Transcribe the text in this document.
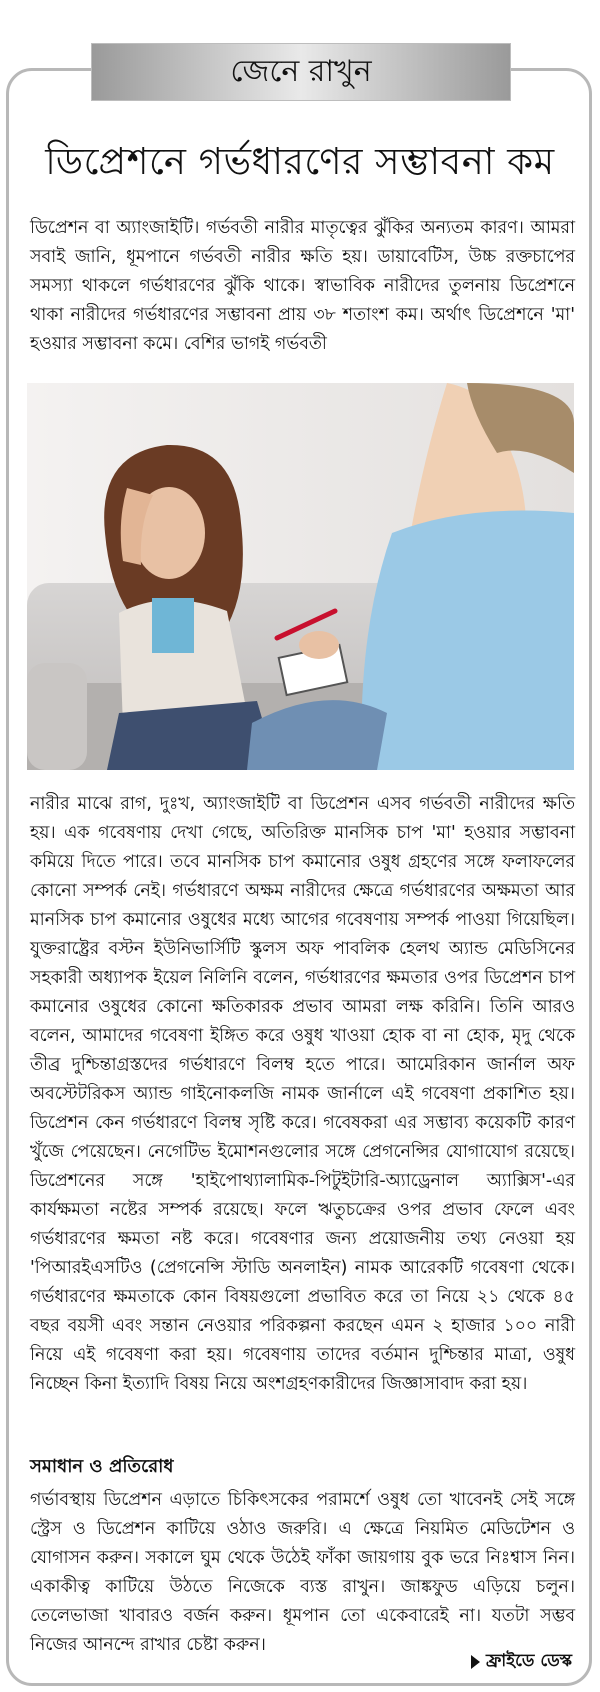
জেনে রাখুন
ডিপ্রেশনে গর্ভধারণের সম্ভাবনা কম

ডিপ্রেশন বা অ্যাংজাইটি। গর্ভবতী নারীর মাতৃত্বের ঝুঁকির অন্যতম কারণ। আমরা সবাই জানি, ধূমপানে গর্ভবতী নারীর ক্ষতি হয়। ডায়াবেটিস, উচ্চ রক্তচাপের সমস্যা থাকলে গর্ভধারণের ঝুঁকি থাকে। স্বাভাবিক নারীদের তুলনায় ডিপ্রেশনে থাকা নারীদের গর্ভধারণের সম্ভাবনা প্রায় ৩৮ শতাংশ কম। অর্থাৎ ডিপ্রেশনে 'মা' হওয়ার সম্ভাবনা কমে। বেশির ভাগই গর্ভবতী

নারীর মাঝে রাগ, দুঃখ, অ্যাংজাইটি বা ডিপ্রেশন এসব গর্ভবতী নারীদের ক্ষতি হয়। এক গবেষণায় দেখা গেছে, অতিরিক্ত মানসিক চাপ 'মা' হওয়ার সম্ভাবনা কমিয়ে দিতে পারে। তবে মানসিক চাপ কমানোর ওষুধ গ্রহণের সঙ্গে ফলাফলের কোনো সম্পর্ক নেই। গর্ভধারণে অক্ষম নারীদের ক্ষেত্রে গর্ভধারণের অক্ষমতা আর মানসিক চাপ কমানোর ওষুধের মধ্যে আগের গবেষণায় সম্পর্ক পাওয়া গিয়েছিল। যুক্তরাষ্ট্রের বস্টন ইউনিভার্সিটি স্কুলস অফ পাবলিক হেলথ অ্যান্ড মেডিসিনের সহকারী অধ্যাপক ইয়েল নিলিনি বলেন, গর্ভধারণের ক্ষমতার ওপর ডিপ্রেশন চাপ কমানোর ওষুধের কোনো ক্ষতিকারক প্রভাব আমরা লক্ষ করিনি। তিনি আরও বলেন, আমাদের গবেষণা ইঙ্গিত করে ওষুধ খাওয়া হোক বা না হোক, মৃদু থেকে তীব্র দুশ্চিন্তাগ্রস্তদের গর্ভধারণে বিলম্ব হতে পারে। আমেরিকান জার্নাল অফ অবস্টেটরিকস অ্যান্ড গাইনোকলজি নামক জার্নালে এই গবেষণা প্রকাশিত হয়। ডিপ্রেশন কেন গর্ভধারণে বিলম্ব সৃষ্টি করে। গবেষকরা এর সম্ভাব্য কয়েকটি কারণ খুঁজে পেয়েছেন। নেগেটিভ ইমোশনগুলোর সঙ্গে প্রেগনেন্সির যোগাযোগ রয়েছে। ডিপ্রেশনের সঙ্গে 'হাইপোথ্যালামিক-পিটুইটারি-অ্যাড্রেনাল অ্যাক্সিস'-এর কার্যক্ষমতা নষ্টের সম্পর্ক রয়েছে। ফলে ঋতুচক্রের ওপর প্রভাব ফেলে এবং গর্ভধারণের ক্ষমতা নষ্ট করে। গবেষণার জন্য প্রয়োজনীয় তথ্য নেওয়া হয় 'পিআরইএসটিও (প্রেগনেন্সি স্টাডি অনলাইন) নামক আরেকটি গবেষণা থেকে। গর্ভধারণের ক্ষমতাকে কোন বিষয়গুলো প্রভাবিত করে তা নিয়ে ২১ থেকে ৪৫ বছর বয়সী এবং সন্তান নেওয়ার পরিকল্পনা করছেন এমন ২ হাজার ১০০ নারী নিয়ে এই গবেষণা করা হয়। গবেষণায় তাদের বর্তমান দুশ্চিন্তার মাত্রা, ওষুধ নিচ্ছেন কিনা ইত্যাদি বিষয় নিয়ে অংশগ্রহণকারীদের জিজ্ঞাসাবাদ করা হয়।

সমাধান ও প্রতিরোধ

গর্ভাবস্থায় ডিপ্রেশন এড়াতে চিকিৎসকের পরামর্শে ওষুধ তো খাবেনই সেই সঙ্গে স্ট্রেস ও ডিপ্রেশন কাটিয়ে ওঠাও জরুরি। এ ক্ষেত্রে নিয়মিত মেডিটেশন ও যোগাসন করুন। সকালে ঘুম থেকে উঠেই ফাঁকা জায়গায় বুক ভরে নিঃশ্বাস নিন। একাকীত্ব কাটিয়ে উঠতে নিজেকে ব্যস্ত রাখুন। জাঙ্কফুড এড়িয়ে চলুন। তেলেভাজা খাবারও বর্জন করুন। ধূমপান তো একেবারেই না। যতটা সম্ভব নিজের আনন্দে রাখার চেষ্টা করুন।

ফ্রাইডে ডেস্ক
